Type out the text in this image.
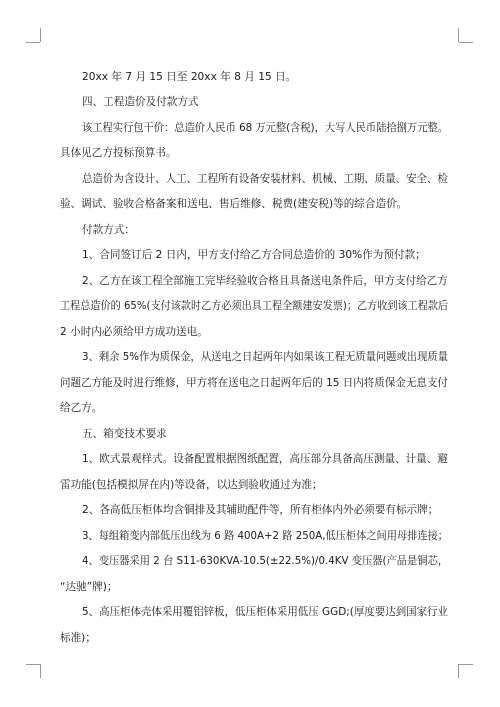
20xx 年 7 月 15 日至 20xx 年 8 月 15 日。
四、工程造价及付款方式
该工程实行包干价：总造价人民币 68 万元整(含税)，大写人民币陆拾捌万元整。
具体见乙方投标预算书。
总造价为含设计、人工、工程所有设备安装材料、机械、工期、质量、安全、检
验、调试、验收合格备案和送电、售后维修、税费(建安税)等的综合造价。
付款方式：
1、合同签订后 2 日内，甲方支付给乙方合同总造价的 30%作为预付款；
2、乙方在该工程全部施工完毕经验收合格且具备送电条件后，甲方支付给乙方
工程总造价的 65%(支付该款时乙方必须出具工程全额建安发票)；乙方收到该工程款后
2 小时内必须给甲方成功送电。
3、剩余 5%作为质保金，从送电之日起两年内如果该工程无质量问题或出现质量
问题乙方能及时进行维修，甲方将在送电之日起两年后的 15 日内将质保金无息支付
给乙方。
五、箱变技术要求
1、欧式景观样式。设备配置根据图纸配置，高压部分具备高压测量、计量、避
雷功能(包括模拟屏在内)等设备，以达到验收通过为准；
2、各高低压柜体均含铜排及其辅助配件等，所有柜体内外必须要有标示牌；
3、每组箱变内部低压出线为 6 路 400A+2 路 250A,低压柜体之间用母排连接；
4、变压器采用 2 台 S11-630KVA-10.5(±22.5%)/0.4KV 变压器(产品是铜芯，
“达驰”牌)；
5、高压柜体壳体采用覆铝锌板，低压柜体采用低压 GGD;(厚度要达到国家行业
标准)；
